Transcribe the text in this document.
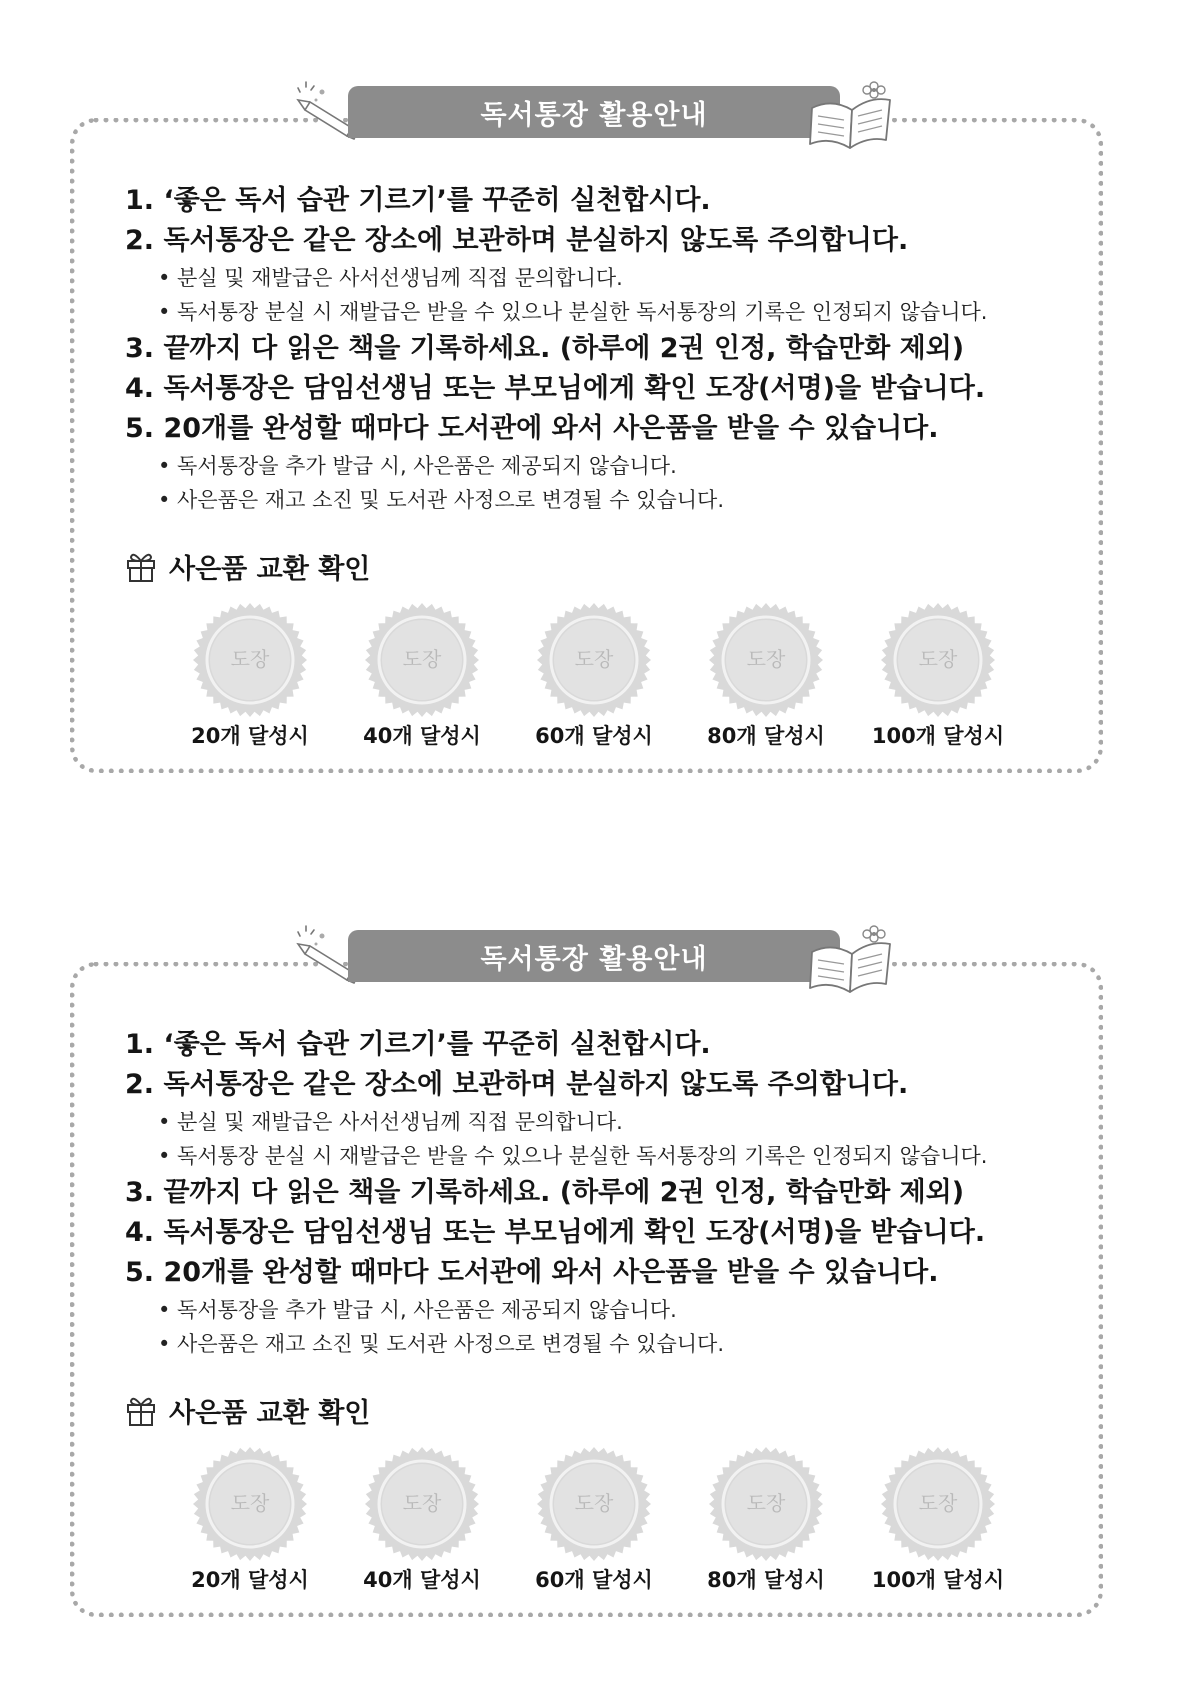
독서통장 활용안내
1. ‘좋은 독서 습관 기르기’를 꾸준히 실천합시다.
2. 독서통장은 같은 장소에 보관하며 분실하지 않도록 주의합니다.
• 분실 및 재발급은 사서선생님께 직접 문의합니다.
• 독서통장 분실 시 재발급은 받을 수 있으나 분실한 독서통장의 기록은 인정되지 않습니다.
3. 끝까지 다 읽은 책을 기록하세요. (하루에 2권 인정, 학습만화 제외)
4. 독서통장은 담임선생님 또는 부모님에게 확인 도장(서명)을 받습니다.
5. 20개를 완성할 때마다 도서관에 와서 사은품을 받을 수 있습니다.
• 독서통장을 추가 발급 시, 사은품은 제공되지 않습니다.
• 사은품은 재고 소진 및 도서관 사정으로 변경될 수 있습니다.
사은품 교환 확인
도장	도장	도장	도장	도장
20개 달성시	40개 달성시	60개 달성시	80개 달성시	100개 달성시
독서통장 활용안내
1. ‘좋은 독서 습관 기르기’를 꾸준히 실천합시다.
2. 독서통장은 같은 장소에 보관하며 분실하지 않도록 주의합니다.
• 분실 및 재발급은 사서선생님께 직접 문의합니다.
• 독서통장 분실 시 재발급은 받을 수 있으나 분실한 독서통장의 기록은 인정되지 않습니다.
3. 끝까지 다 읽은 책을 기록하세요. (하루에 2권 인정, 학습만화 제외)
4. 독서통장은 담임선생님 또는 부모님에게 확인 도장(서명)을 받습니다.
5. 20개를 완성할 때마다 도서관에 와서 사은품을 받을 수 있습니다.
• 독서통장을 추가 발급 시, 사은품은 제공되지 않습니다.
• 사은품은 재고 소진 및 도서관 사정으로 변경될 수 있습니다.
사은품 교환 확인
도장	도장	도장	도장	도장
20개 달성시	40개 달성시	60개 달성시	80개 달성시	100개 달성시
